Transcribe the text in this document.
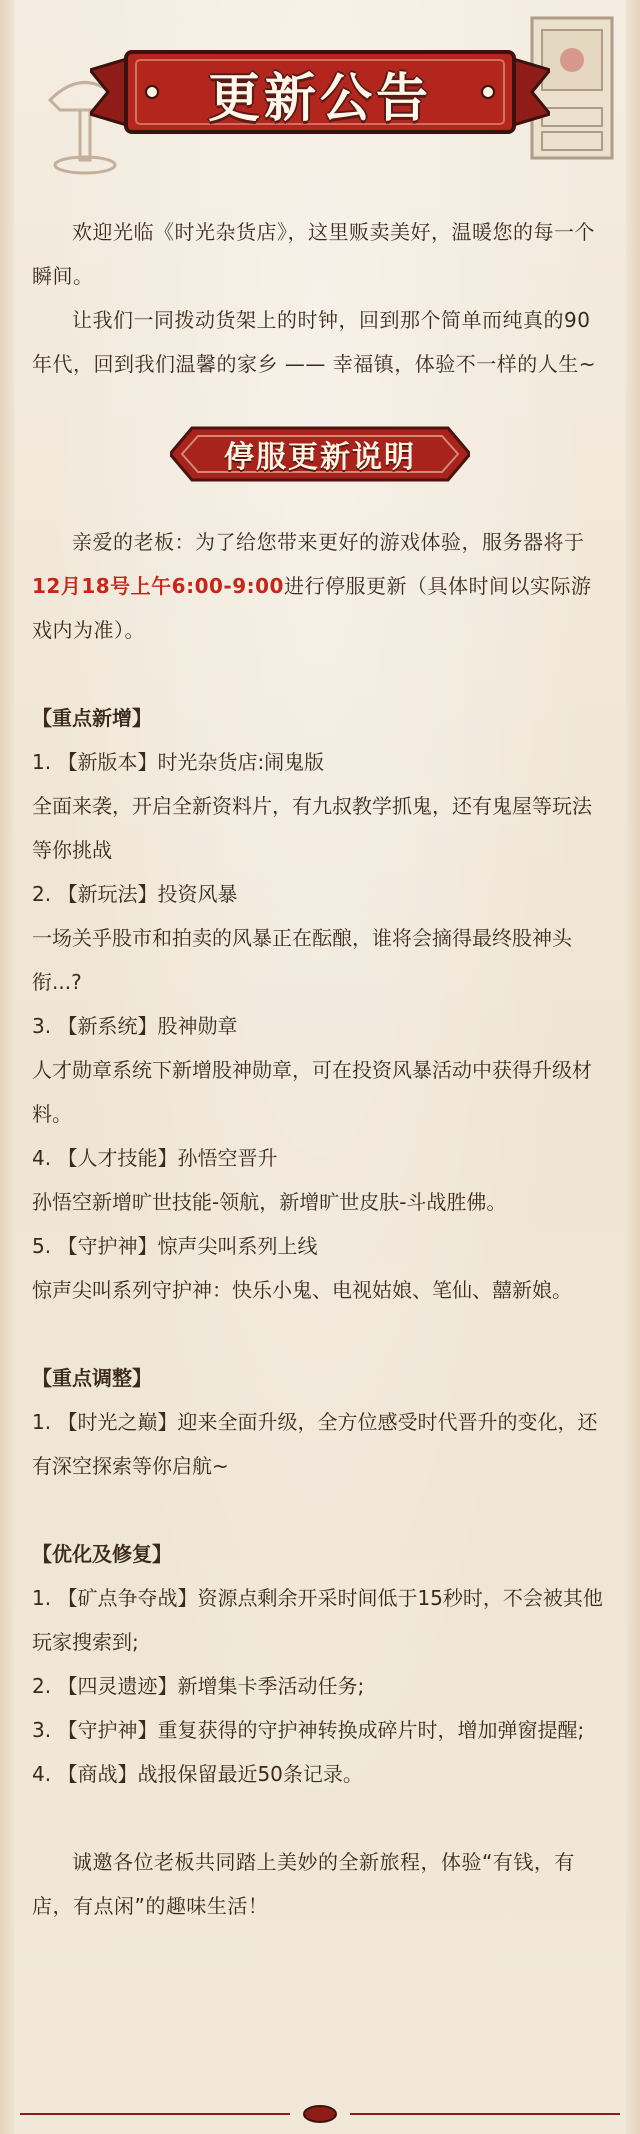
更新公告

欢迎光临《时光杂货店》，这里贩卖美好，温暖您的每一个瞬间。

让我们一同拨动货架上的时钟，回到那个简单而纯真的90年代，回到我们温馨的家乡 —— 幸福镇，体验不一样的人生~

停服更新说明

亲爱的老板：为了给您带来更好的游戏体验，服务器将于12月18号上午6:00-9:00进行停服更新（具体时间以实际游戏内为准）。

【重点新增】

1. 【新版本】时光杂货店:闹鬼版

全面来袭，开启全新资料片，有九叔教学抓鬼，还有鬼屋等玩法等你挑战

2. 【新玩法】投资风暴

一场关乎股市和拍卖的风暴正在酝酿，谁将会摘得最终股神头衔...?

3. 【新系统】股神勋章

人才勋章系统下新增股神勋章，可在投资风暴活动中获得升级材料。

4. 【人才技能】孙悟空晋升

孙悟空新增旷世技能-领航，新增旷世皮肤-斗战胜佛。

5. 【守护神】惊声尖叫系列上线

惊声尖叫系列守护神：快乐小鬼、电视姑娘、笔仙、囍新娘。

【重点调整】

1. 【时光之巅】迎来全面升级，全方位感受时代晋升的变化，还有深空探索等你启航~

【优化及修复】

1. 【矿点争夺战】资源点剩余开采时间低于15秒时，不会被其他玩家搜索到;

2. 【四灵遗迹】新增集卡季活动任务;

3. 【守护神】重复获得的守护神转换成碎片时，增加弹窗提醒;

4. 【商战】战报保留最近50条记录。

诚邀各位老板共同踏上美妙的全新旅程，体验“有钱，有店，有点闲”的趣味生活！
